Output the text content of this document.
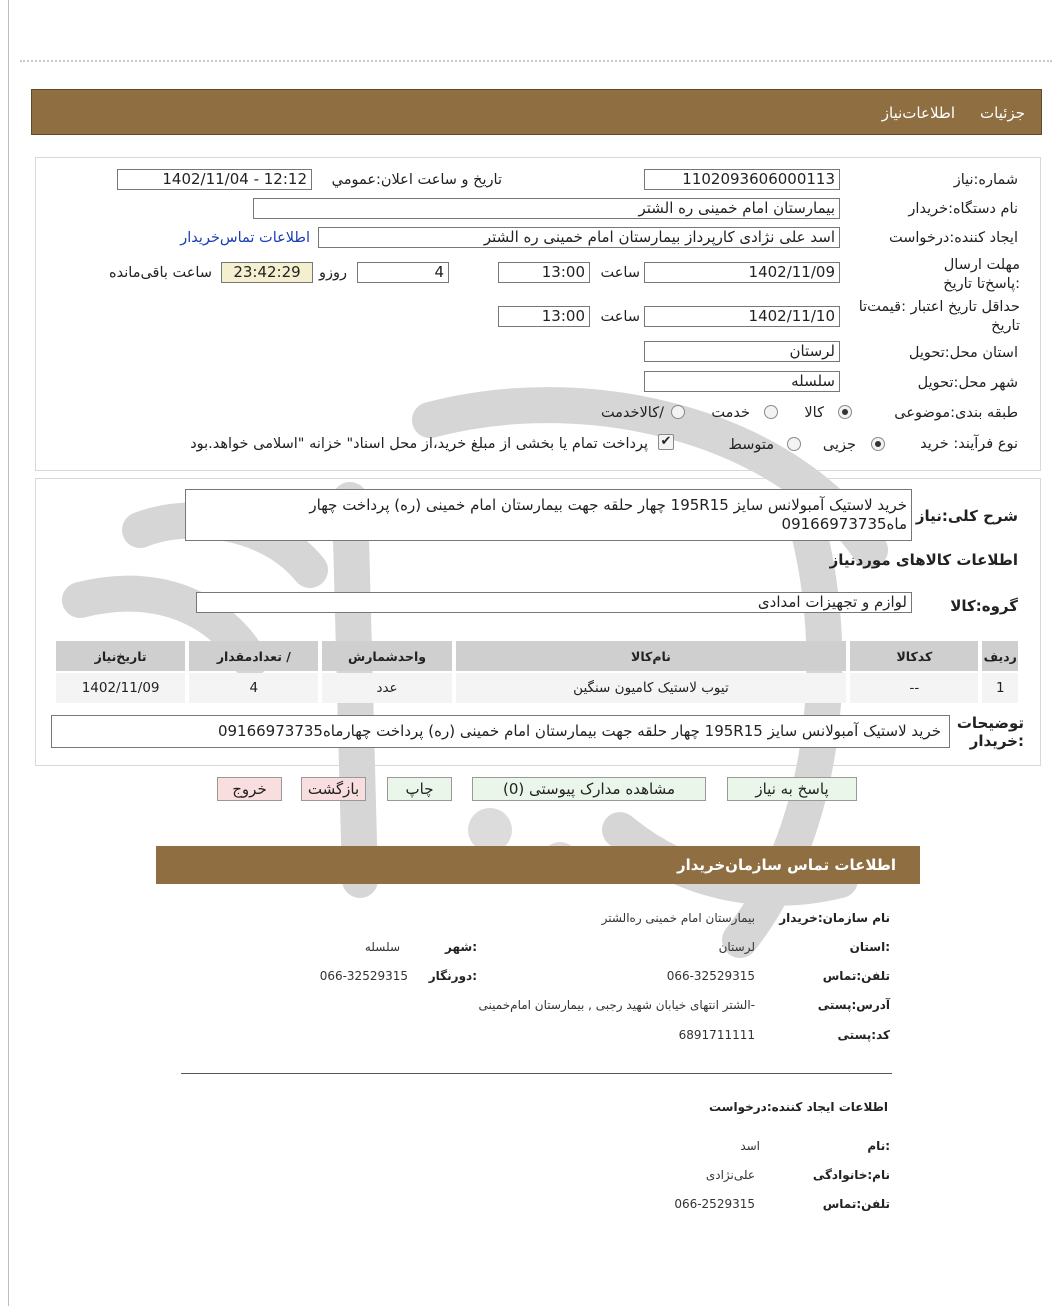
جزئیات
اطلاعات‌نیاز
شماره:نیاز
1102093606000113
تاریخ و ساعت اعلان:عمومي
1402/11/04 - 12:12
نام دستگاه:خریدار
بیمارستان امام خمینی ره الشتر
ایجاد کننده:درخواست
اسد علی نژادی کارپرداز بیمارستان امام خمینی ره الشتر
اطلاعات تماس‌خریدار
مهلت ارسال :پاسخ‌تا تاریخ
1402/11/09
ساعت
13:00
4
روزو
23:42:29
ساعت باقی‌مانده
حداقل تاریخ اعتبار :قیمت‌تا تاریخ
1402/11/10
ساعت
13:00
استان محل:تحویل
لرستان
شهر محل:تحویل
سلسله
طبقه بندی:موضوعی
کالا
خدمت
/کالاخدمت
نوع فرآیند: خرید
جزیی
متوسط
✔
پرداخت تمام یا بخشی از مبلغ خرید،از محل اسناد" خزانه "اسلامی خواهد.بود
شرح کلی:نیاز
خرید لاستیک آمبولانس سایز 195R15 چهار حلقه جهت بیمارستان امام خمینی (ره) پرداخت چهار ماه09166973735
اطلاعات کالاهای موردنیاز
گروه:کالا
لوازم و تجهیزات امدادی
ردیف	کدکالا	نام‌کالا	واحدشمارش	/ تعدادمقدار	تاریخ‌نیاز
1	--	تیوب لاستیک کامیون سنگین	عدد	4	1402/11/09
توضیحات :خریدار
خرید لاستیک آمبولانس سایز 195R15 چهار حلقه جهت بیمارستان امام خمینی (ره) پرداخت چهارماه09166973735
پاسخ به نیاز
مشاهده مدارک پیوستی (0)
چاپ
بازگشت
خروج
اطلاعات تماس سازمان‌خریدار
نام سازمان:خریدار
بیمارستان امام خمینی رەالشتر
:استان
لرستان
:شهر
سلسله
تلفن:تماس
066-32529315
:دورنگار
066-32529315
آدرس:پستی
-الشتر انتهای خیابان شهید رجبی , بیمارستان امام‌خمینی
کد:پستی
6891711111
اطلاعات ایجاد کننده:درخواست
:نام
اسد
نام:خانوادگی
علی‌نژادی
تلفن:تماس
066-2529315
